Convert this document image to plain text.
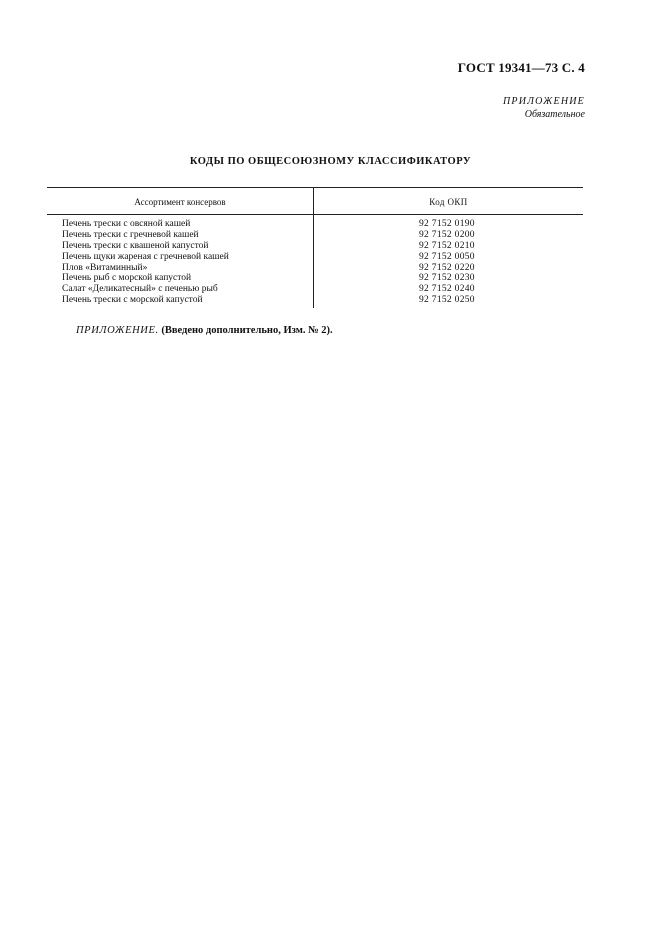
ГОСТ 19341—73 С. 4
ПРИЛОЖЕНИЕ
Обязательное
КОДЫ ПО ОБЩЕСОЮЗНОМУ КЛАССИФИКАТОРУ
Ассортимент консервов	Код ОКП
Печень трески с овсяной кашей	92 7152 0190
Печень трески с гречневой кашей	92 7152 0200
Печень трески с квашеной капустой	92 7152 0210
Печень щуки жареная с гречневой кашей	92 7152 0050
Плов «Витаминный»	92 7152 0220
Печень рыб с морской капустой	92 7152 0230
Салат «Деликатесный» с печенью рыб	92 7152 0240
Печень трески с морской капустой	92 7152 0250
ПРИЛОЖЕНИЕ. (Введено дополнительно, Изм. № 2).
